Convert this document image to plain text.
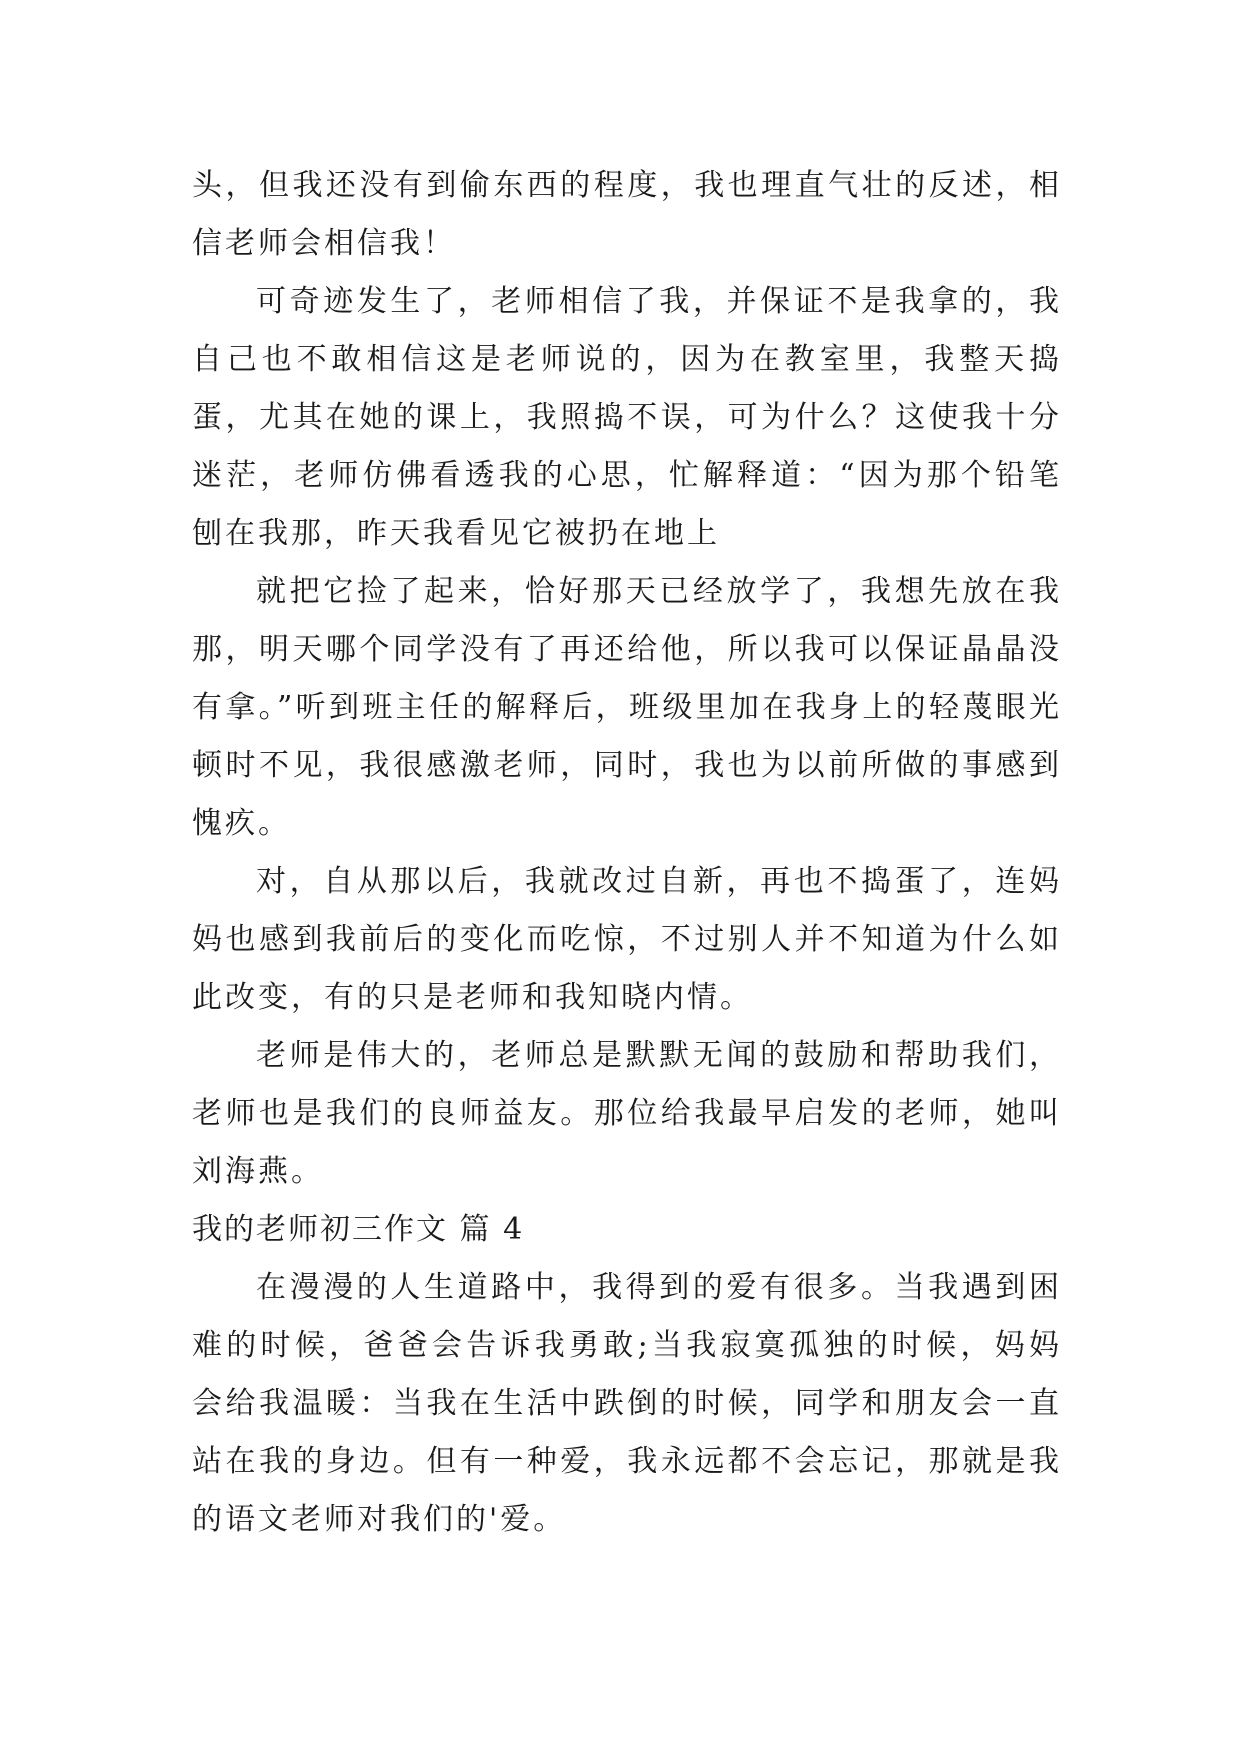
头，但我还没有到偷东西的程度，我也理直气壮的反述，相信老师会相信我！

可奇迹发生了，老师相信了我，并保证不是我拿的，我自己也不敢相信这是老师说的，因为在教室里，我整天捣蛋，尤其在她的课上，我照捣不误，可为什么？这使我十分迷茫，老师仿佛看透我的心思，忙解释道：“因为那个铅笔刨在我那，昨天我看见它被扔在地上

就把它捡了起来，恰好那天已经放学了，我想先放在我那，明天哪个同学没有了再还给他，所以我可以保证晶晶没有拿。”听到班主任的解释后，班级里加在我身上的轻蔑眼光顿时不见，我很感激老师，同时，我也为以前所做的事感到愧疚。

对，自从那以后，我就改过自新，再也不捣蛋了，连妈妈也感到我前后的变化而吃惊，不过别人并不知道为什么如此改变，有的只是老师和我知晓内情。

老师是伟大的，老师总是默默无闻的鼓励和帮助我们，老师也是我们的良师益友。那位给我最早启发的老师，她叫刘海燕。

我的老师初三作文 篇 4

在漫漫的人生道路中，我得到的爱有很多。当我遇到困难的时候，爸爸会告诉我勇敢;当我寂寞孤独的时候，妈妈会给我温暖：当我在生活中跌倒的时候，同学和朋友会一直站在我的身边。但有一种爱，我永远都不会忘记，那就是我的语文老师对我们的'爱。
